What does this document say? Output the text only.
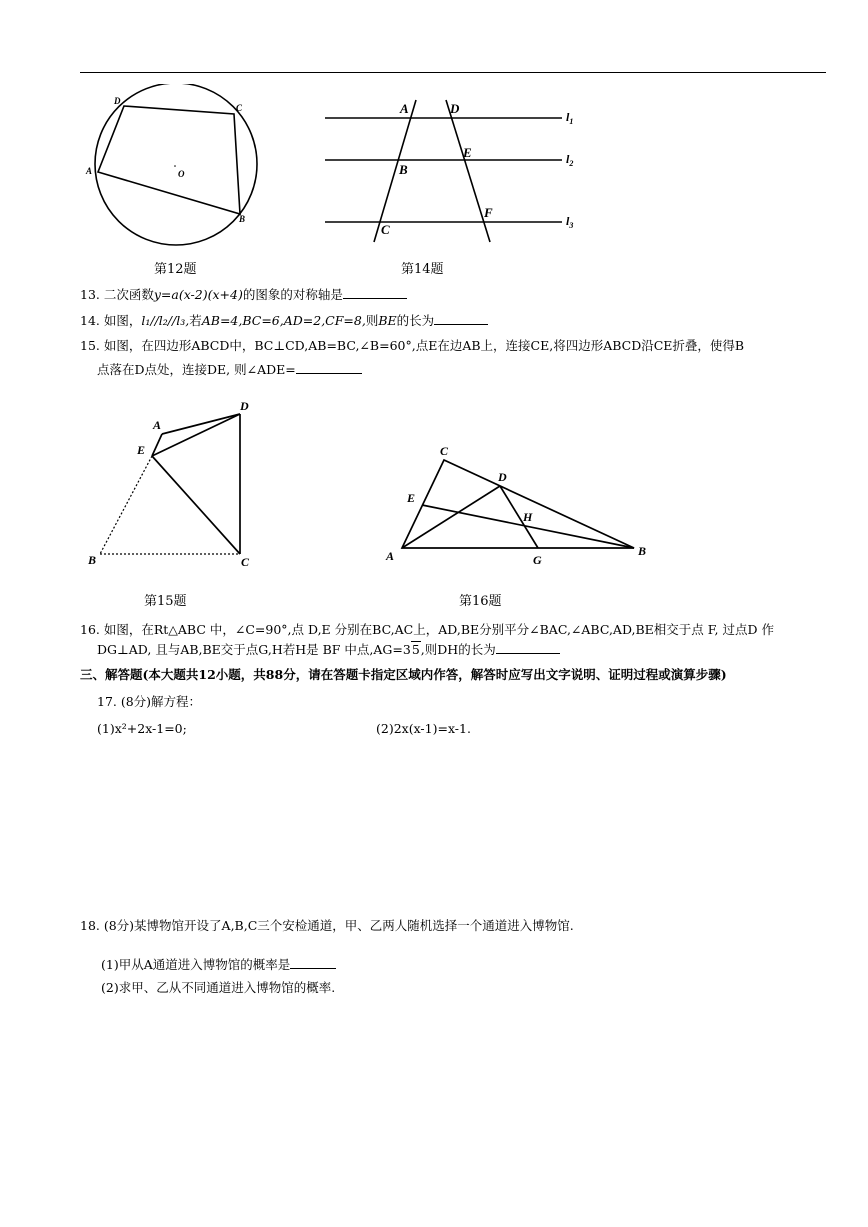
D
C
A	O
B
第12题
A	D
B
E
F
C
$l_1$
$l_2$
$l_3$
第14题
13. 二次函数y=a(x-2)(x+4)的图象的对称轴是
14. 如图，l₁//l₂//l₃,若AB=4,BC=6,AD=2,CF=8,则BE的长为
15. 如图，在四边形ABCD中，BC⊥CD,AB=BC,∠B=60°,点E在边AB上，连接CE,将四边形ABCD沿CE折叠，使得B
点落在D点处，连接DE, 则∠ADE=
A
D
E
B	C
第15题
C
D
E
H
A	G
B
第16题
16. 如图，在Rt△ABC 中，∠C=90°,点 D,E 分别在BC,AC上，AD,BE分别平分∠BAC,∠ABC,AD,BE相交于点 F, 过点D 作
DG⊥AD, 且与AB,BE交于点G,H若H是 BF 中点,AG=35,则DH的长为
三、解答题(本大题共12小题，共88分，请在答题卡指定区域内作答，解答时应写出文字说明、证明过程或演算步骤)
17. (8分)解方程：
(1)x²+2x-1=0;	(2)2x(x-1)=x-1.
18. (8分)某博物馆开设了A,B,C三个安检通道，甲、乙两人随机选择一个通道进入博物馆.
(1)甲从A通道进入博物馆的概率是
(2)求甲、乙从不同通道进入博物馆的概率.
